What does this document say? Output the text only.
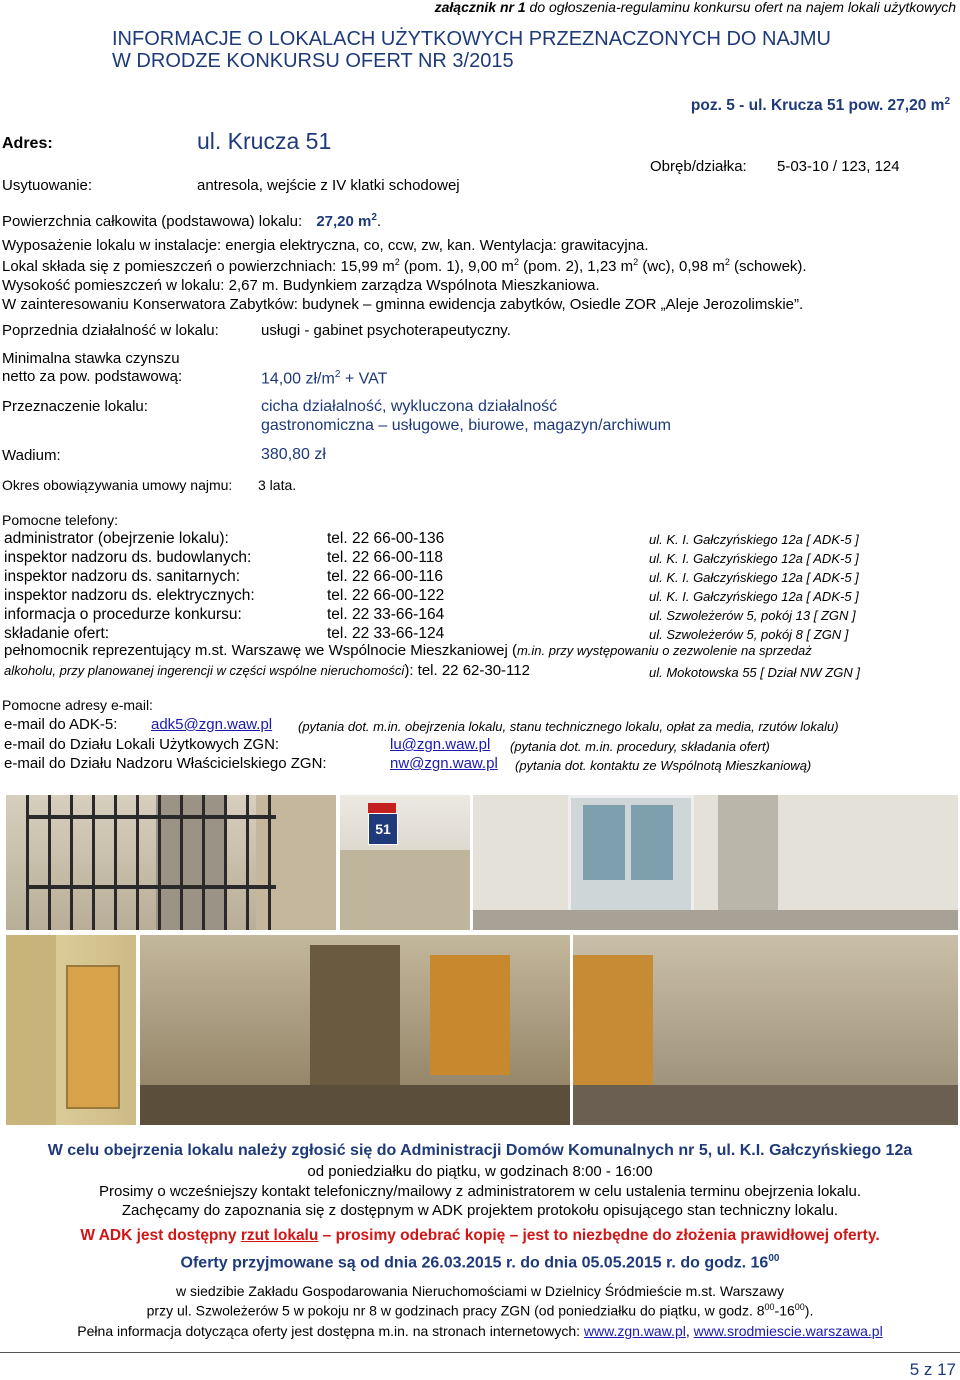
załącznik nr 1 do ogłoszenia-regulaminu konkursu ofert na najem lokali użytkowych
INFORMACJE O LOKALACH UŻYTKOWYCH PRZEZNACZONYCH DO NAJMU
W DRODZE KONKURSU OFERT NR 3/2015
poz. 5 - ul. Krucza 51 pow. 27,20 $m^2$
Adres:	ul. Krucza 51
Usytuowanie:	antresola, wejście z IV klatki schodowej
Obręb/działka: 5-03-10 / 123, 124
Powierzchnia całkowita (podstawowa) lokalu: 27,20 $m^2$.
Wyposażenie lokalu w instalacje: energia elektryczna, co, ccw, zw, kan. Wentylacja: grawitacyjna.
Lokal składa się z pomieszczeń o powierzchniach: 15,99 $m^2$ (pom. 1), 9,00 $m^2$ (pom. 2), 1,23 $m^2$ (wc), 0,98 $m^2$ (schowek).
Wysokość pomieszczeń w lokalu: 2,67 m. Budynkiem zarządza Wspólnota Mieszkaniowa.
W zainteresowaniu Konserwatora Zabytków: budynek – gminna ewidencja zabytków, Osiedle ZOR „Aleje Jerozolimskie”.
Poprzednia działalność w lokalu:	usługi - gabinet psychoterapeutyczny.
Minimalna stawka czynszu
netto za pow. podstawową:	14,00 $zł/m^2$ + VAT
Przeznaczenie lokalu:	cicha działalność, wykluczona działalność
gastronomiczna – usługowe, biurowe, magazyn/archiwum
Wadium:	380,80 zł
Okres obowiązywania umowy najmu: 3 lata.
Pomocne telefony:
administrator (obejrzenie lokalu):	tel. 22 66-00-136	ul. K. I. Gałczyńskiego 12a [ ADK-5 ]
inspektor nadzoru ds. budowlanych:	tel. 22 66-00-118	ul. K. I. Gałczyńskiego 12a [ ADK-5 ]
inspektor nadzoru ds. sanitarnych:	tel. 22 66-00-116	ul. K. I. Gałczyńskiego 12a [ ADK-5 ]
inspektor nadzoru ds. elektrycznych:	tel. 22 66-00-122	ul. K. I. Gałczyńskiego 12a [ ADK-5 ]
informacja o procedurze konkursu:	tel. 22 33-66-164	ul. Szwoleżerów 5, pokój 13 [ ZGN ]
składanie ofert:	tel. 22 33-66-124	ul. Szwoleżerów 5, pokój 8 [ ZGN ]
pełnomocnik reprezentujący m.st. Warszawę we Wspólnocie Mieszkaniowej (m.in. przy występowaniu o zezwolenie na sprzedaż
alkoholu, przy planowanej ingerencji w części wspólne nieruchomości): tel. 22 62-30-112	ul. Mokotowska 55 [ Dział NW ZGN ]
Pomocne adresy e-mail:
e-mail do ADK-5: adk5@zgn.waw.pl (pytania dot. m.in. obejrzenia lokalu, stanu technicznego lokalu, opłat za media, rzutów lokalu)
e-mail do Działu Lokali Użytkowych ZGN:	lu@zgn.waw.pl (pytania dot. m.in. procedury, składania ofert)
e-mail do Działu Nadzoru Właścicielskiego ZGN:	nw@zgn.waw.pl (pytania dot. kontaktu ze Wspólnotą Mieszkaniową)
51
W celu obejrzenia lokalu należy zgłosić się do Administracji Domów Komunalnych nr 5, ul. K.I. Gałczyńskiego 12a
od poniedziałku do piątku, w godzinach 8:00 - 16:00
Prosimy o wcześniejszy kontakt telefoniczny/mailowy z administratorem w celu ustalenia terminu obejrzenia lokalu.
Zachęcamy do zapoznania się z dostępnym w ADK projektem protokołu opisującego stan techniczny lokalu.
W ADK jest dostępny rzut lokalu – prosimy odebrać kopię – jest to niezbędne do złożenia prawidłowej oferty.
Oferty przyjmowane są od dnia 26.03.2015 r. do dnia 05.05.2015 r. do godz. $16^{00}$
w siedzibie Zakładu Gospodarowania Nieruchomościami w Dzielnicy Śródmieście m.st. Warszawy
przy ul. Szwoleżerów 5 w pokoju nr 8 w godzinach pracy ZGN (od poniedziałku do piątku, w godz. $8^{00}-16^{00}$).
Pełna informacja dotycząca oferty jest dostępna m.in. na stronach internetowych: www.zgn.waw.pl, www.srodmiescie.warszawa.pl
5 z 17
